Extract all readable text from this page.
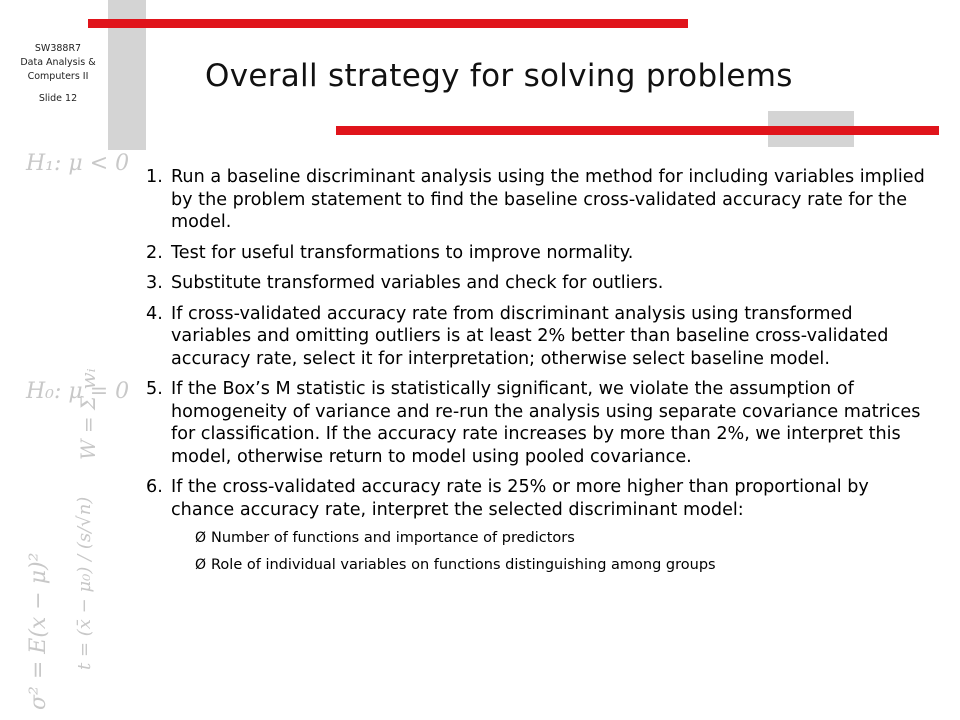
H₁: μ < 0
H₀: μ = 0
W = Σ wᵢ
σ² = E(x − μ)² t = (x̄ − μ₀) / (s/√n)
SW388R7
Data Analysis &
Computers II
Slide 12
Overall strategy for solving problems
1. Run a baseline discriminant analysis using the method for including variables implied by the problem statement to find the baseline cross-validated accuracy rate for the model.
2. Test for useful transformations to improve normality.
3. Substitute transformed variables and check for outliers.
4. If cross-validated accuracy rate from discriminant analysis using transformed variables and omitting outliers is at least 2% better than baseline cross-validated accuracy rate, select it for interpretation; otherwise select baseline model.
5. If the Box’s M statistic is statistically significant, we violate the assumption of homogeneity of variance and re-run the analysis using separate covariance matrices for classification. If the accuracy rate increases by more than 2%, we interpret this model, otherwise return to model using pooled covariance.
6. If the cross-validated accuracy rate is 25% or more higher than proportional by chance accuracy rate, interpret the selected discriminant model:
Ø Number of functions and importance of predictors
Ø Role of individual variables on functions distinguishing among groups
